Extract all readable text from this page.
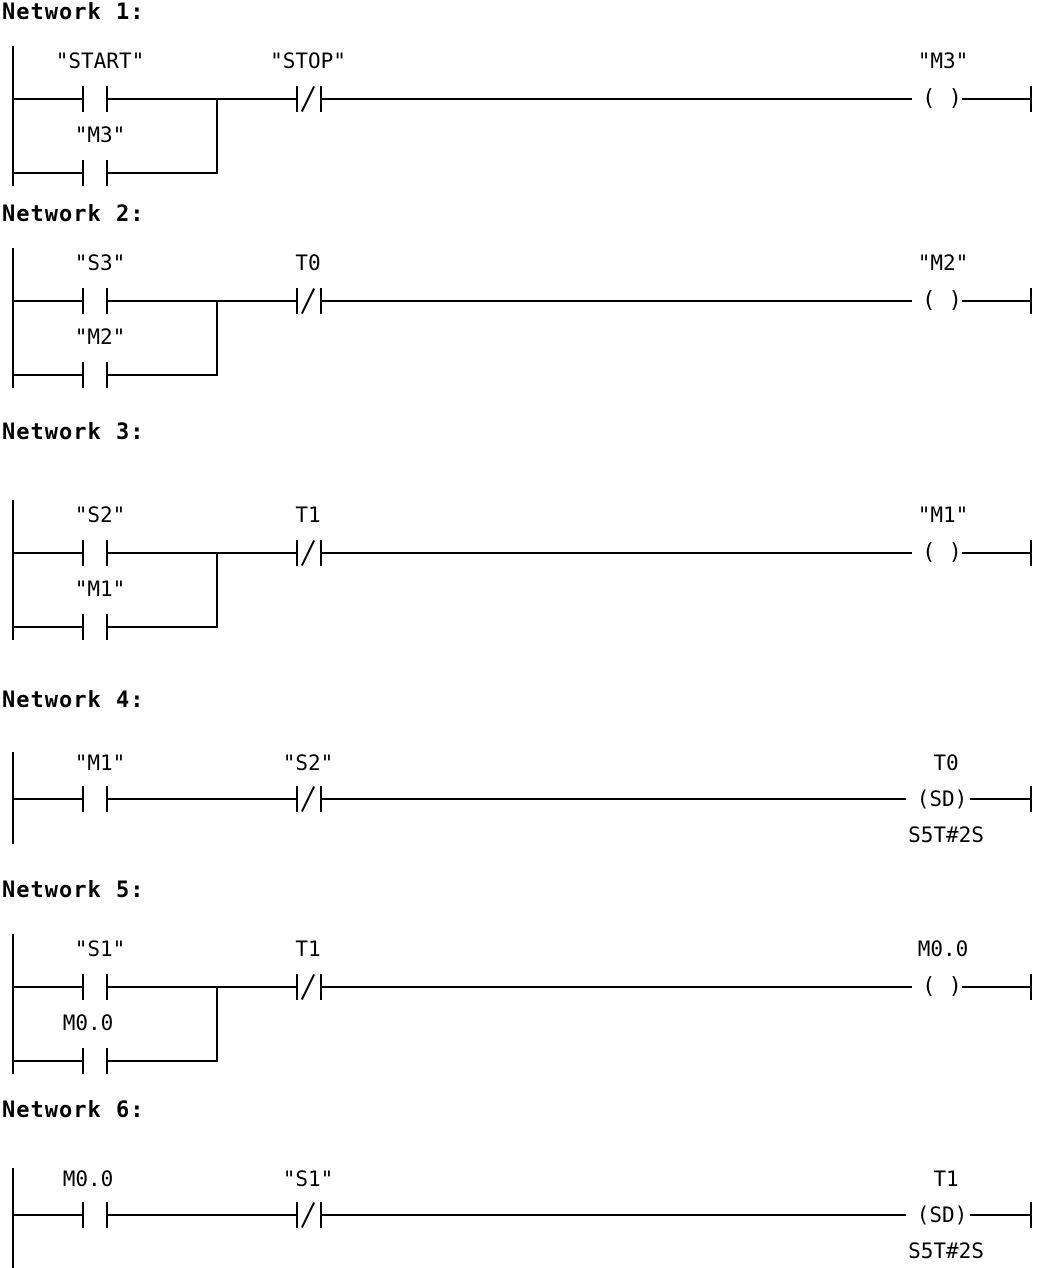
Network 1:
"START"	"STOP"	"M3"
( )
"M3"
Network 2:
"S3"	T0	"M2"
( )
"M2"
Network 3:
"S2"	T1	"M1"
( )
"M1"
Network 4:
"M1"	"S2"	T0
(SD)
S5T#2S
Network 5:
"S1"	T1	M0.0
( )
M0.0
Network 6:
M0.0	"S1"	T1
(SD)
S5T#2S
